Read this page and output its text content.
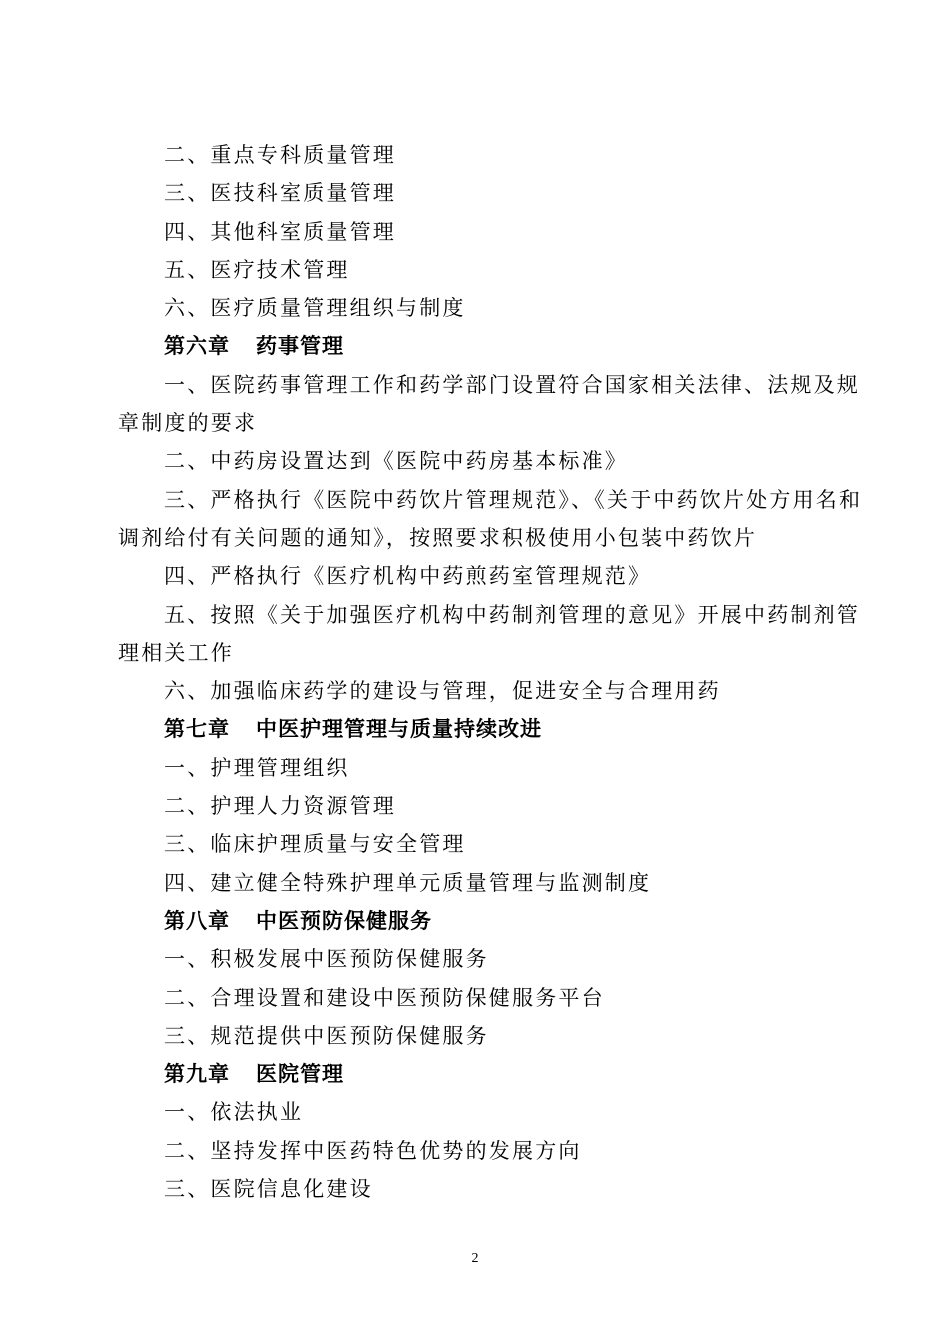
二、重点专科质量管理
三、医技科室质量管理
四、其他科室质量管理
五、医疗技术管理
六、医疗质量管理组织与制度
第六章 药事管理
一、医院药事管理工作和药学部门设置符合国家相关法律、法规及规
章制度的要求
二、中药房设置达到《医院中药房基本标准》
三、严格执行《医院中药饮片管理规范》、《关于中药饮片处方用名和
调剂给付有关问题的通知》，按照要求积极使用小包装中药饮片
四、严格执行《医疗机构中药煎药室管理规范》
五、按照《关于加强医疗机构中药制剂管理的意见》开展中药制剂管
理相关工作
六、加强临床药学的建设与管理，促进安全与合理用药
第七章 中医护理管理与质量持续改进
一、护理管理组织
二、护理人力资源管理
三、临床护理质量与安全管理
四、建立健全特殊护理单元质量管理与监测制度
第八章 中医预防保健服务
一、积极发展中医预防保健服务
二、合理设置和建设中医预防保健服务平台
三、规范提供中医预防保健服务
第九章 医院管理
一、依法执业
二、坚持发挥中医药特色优势的发展方向
三、医院信息化建设
2
